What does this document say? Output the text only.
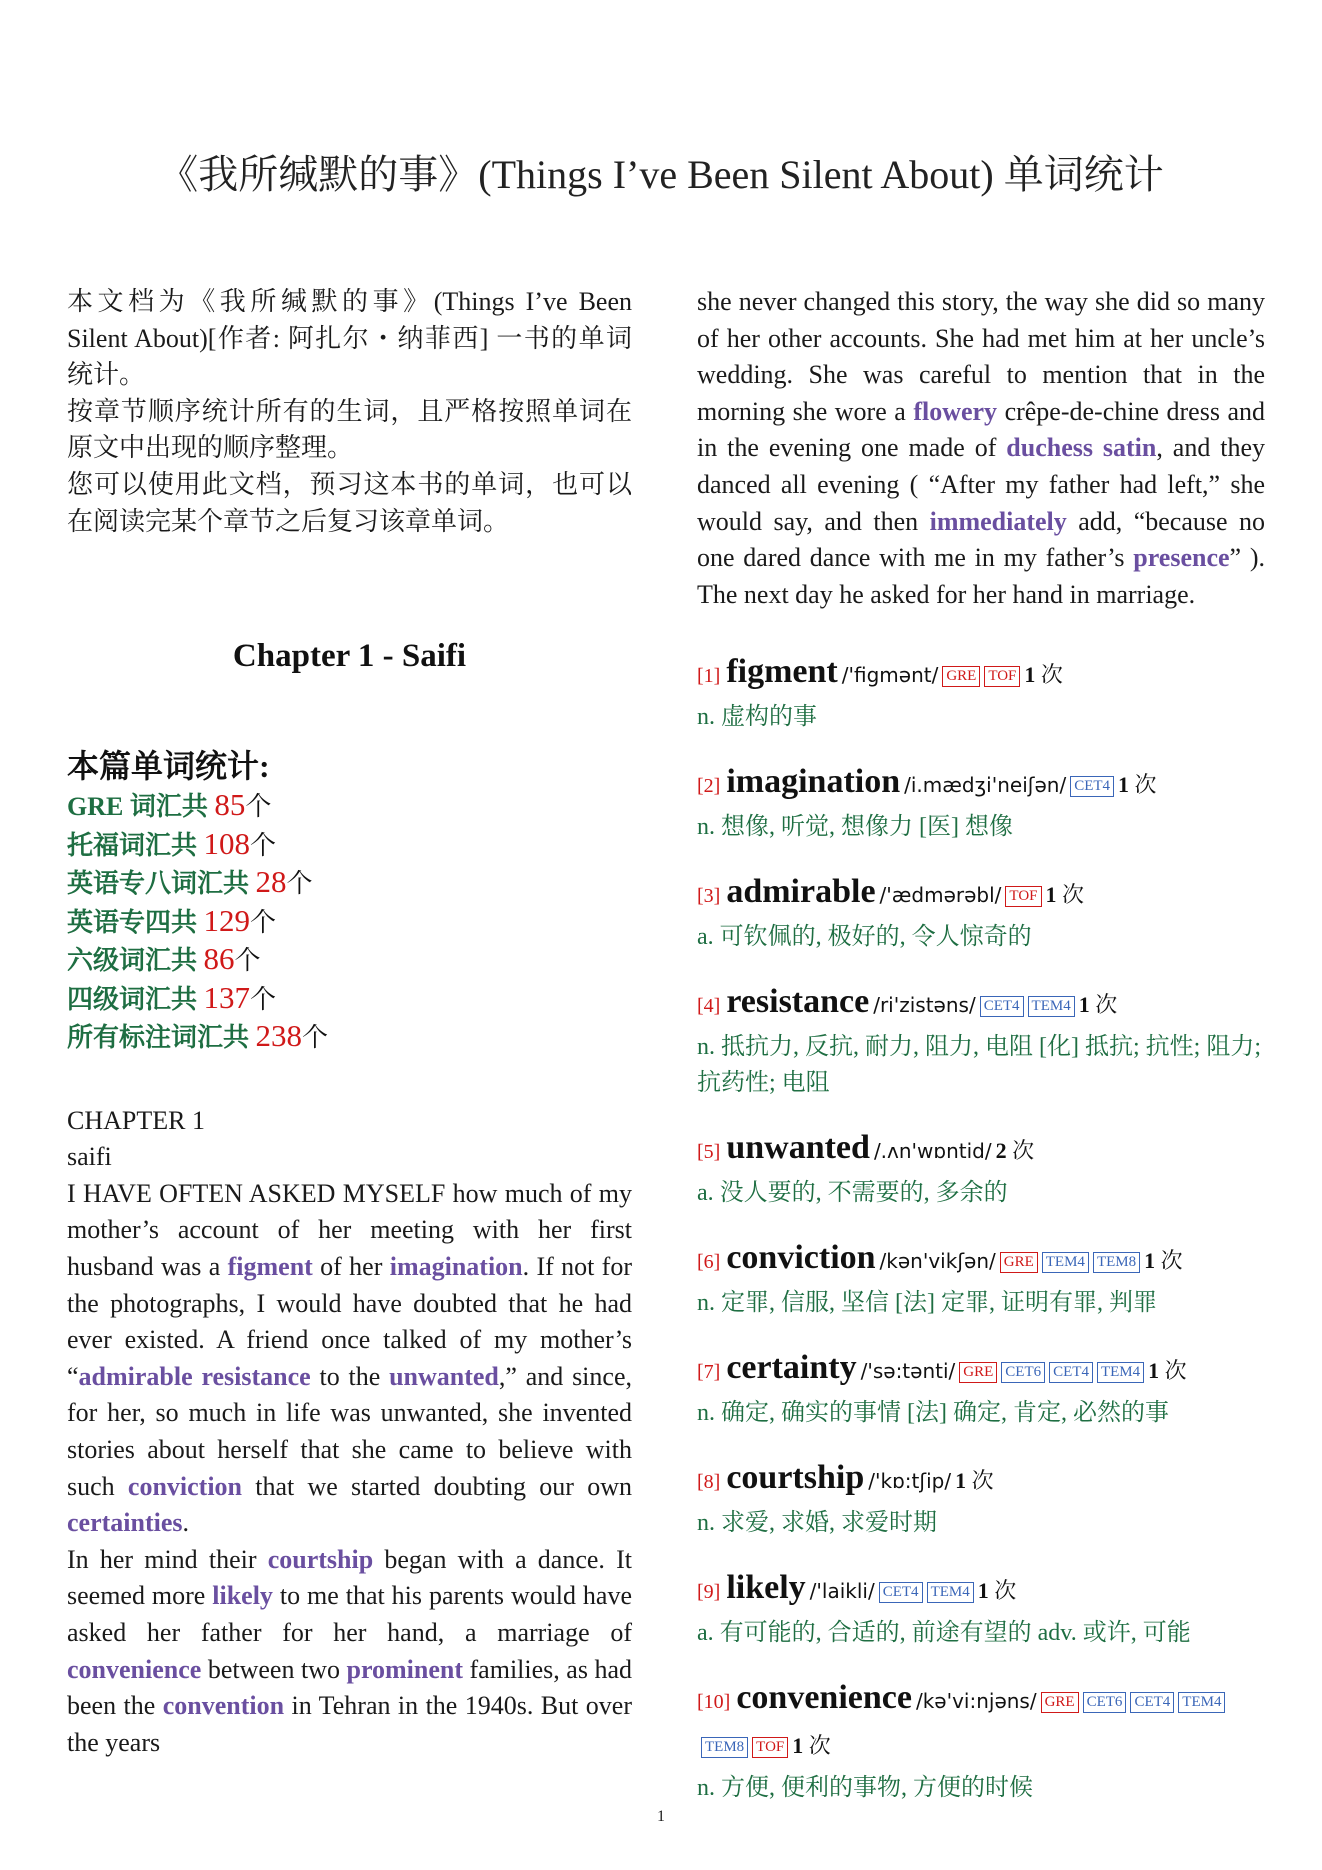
《我所缄默的事》(Things I’ve Been Silent About) 单词统计

本文档为《我所缄默的事》(Things I’ve Been Silent About)[作者: 阿扎尔・纳菲西] 一书的单词统计。

按章节顺序统计所有的生词，且严格按照单词在原文中出现的顺序整理。

您可以使用此文档，预习这本书的单词，也可以在阅读完某个章节之后复习该章单词。

Chapter 1 - Saifi
本篇单词统计:
GRE 词汇共 85个
托福词汇共 108个
英语专八词汇共 28个
英语专四共 129个
六级词汇共 86个
四级词汇共 137个
所有标注词汇共 238个
CHAPTER 1
saifi

I HAVE OFTEN ASKED MYSELF how much of my mother’s account of her meeting with her first husband was a figment of her imagination. If not for the photographs, I would have doubted that he had ever existed. A friend once talked of my mother’s “admirable resistance to the unwanted,” and since, for her, so much in life was unwanted, she invented stories about herself that she came to believe with such conviction that we started doubting our own certainties.

In her mind their courtship began with a dance. It seemed more likely to me that his parents would have asked her father for her hand, a marriage of convenience between two prominent families, as had been the convention in Tehran in the 1940s. But over the years

she never changed this story, the way she did so many of her other accounts. She had met him at her uncle’s wedding. She was careful to mention that in the morning she wore a flowery crêpe-de-chine dress and in the evening one made of duchess satin, and they danced all evening ( “After my father had left,” she would say, and then immediately add, “because no one dared dance with me in my father’s presence” ). The next day he asked for her hand in marriage.

[1] figment /'figmənt/ GRE TOF 1 次
n. 虚构的事
[2] imagination /i.mædʒi'neiʃən/ CET4 1 次
n. 想像, 听觉, 想像力 [医] 想像
[3] admirable /'ædmərəbl/ TOF 1 次
a. 可钦佩的, 极好的, 令人惊奇的
[4] resistance /ri'zistəns/ CET4 TEM4 1 次
n. 抵抗力, 反抗, 耐力, 阻力, 电阻 [化] 抵抗; 抗性; 阻力; 抗药性; 电阻
[5] unwanted /.ʌn'wɒntid/ 2 次
a. 没人要的, 不需要的, 多余的
[6] conviction /kən'vikʃən/ GRE TEM4 TEM8 1 次
n. 定罪, 信服, 坚信 [法] 定罪, 证明有罪, 判罪
[7] certainty /'sə:tənti/ GRE CET6 CET4 TEM4 1 次
n. 确定, 确实的事情 [法] 确定, 肯定, 必然的事
[8] courtship /'kɒ:tʃip/ 1 次
n. 求爱, 求婚, 求爱时期
[9] likely /'laikli/ CET4 TEM4 1 次
a. 有可能的, 合适的, 前途有望的 adv. 或许, 可能
[10] convenience /kə'vi:njəns/ GRE CET6 CET4 TEM4TEM8 TOF 1 次
n. 方便, 便利的事物, 方便的时候
1
